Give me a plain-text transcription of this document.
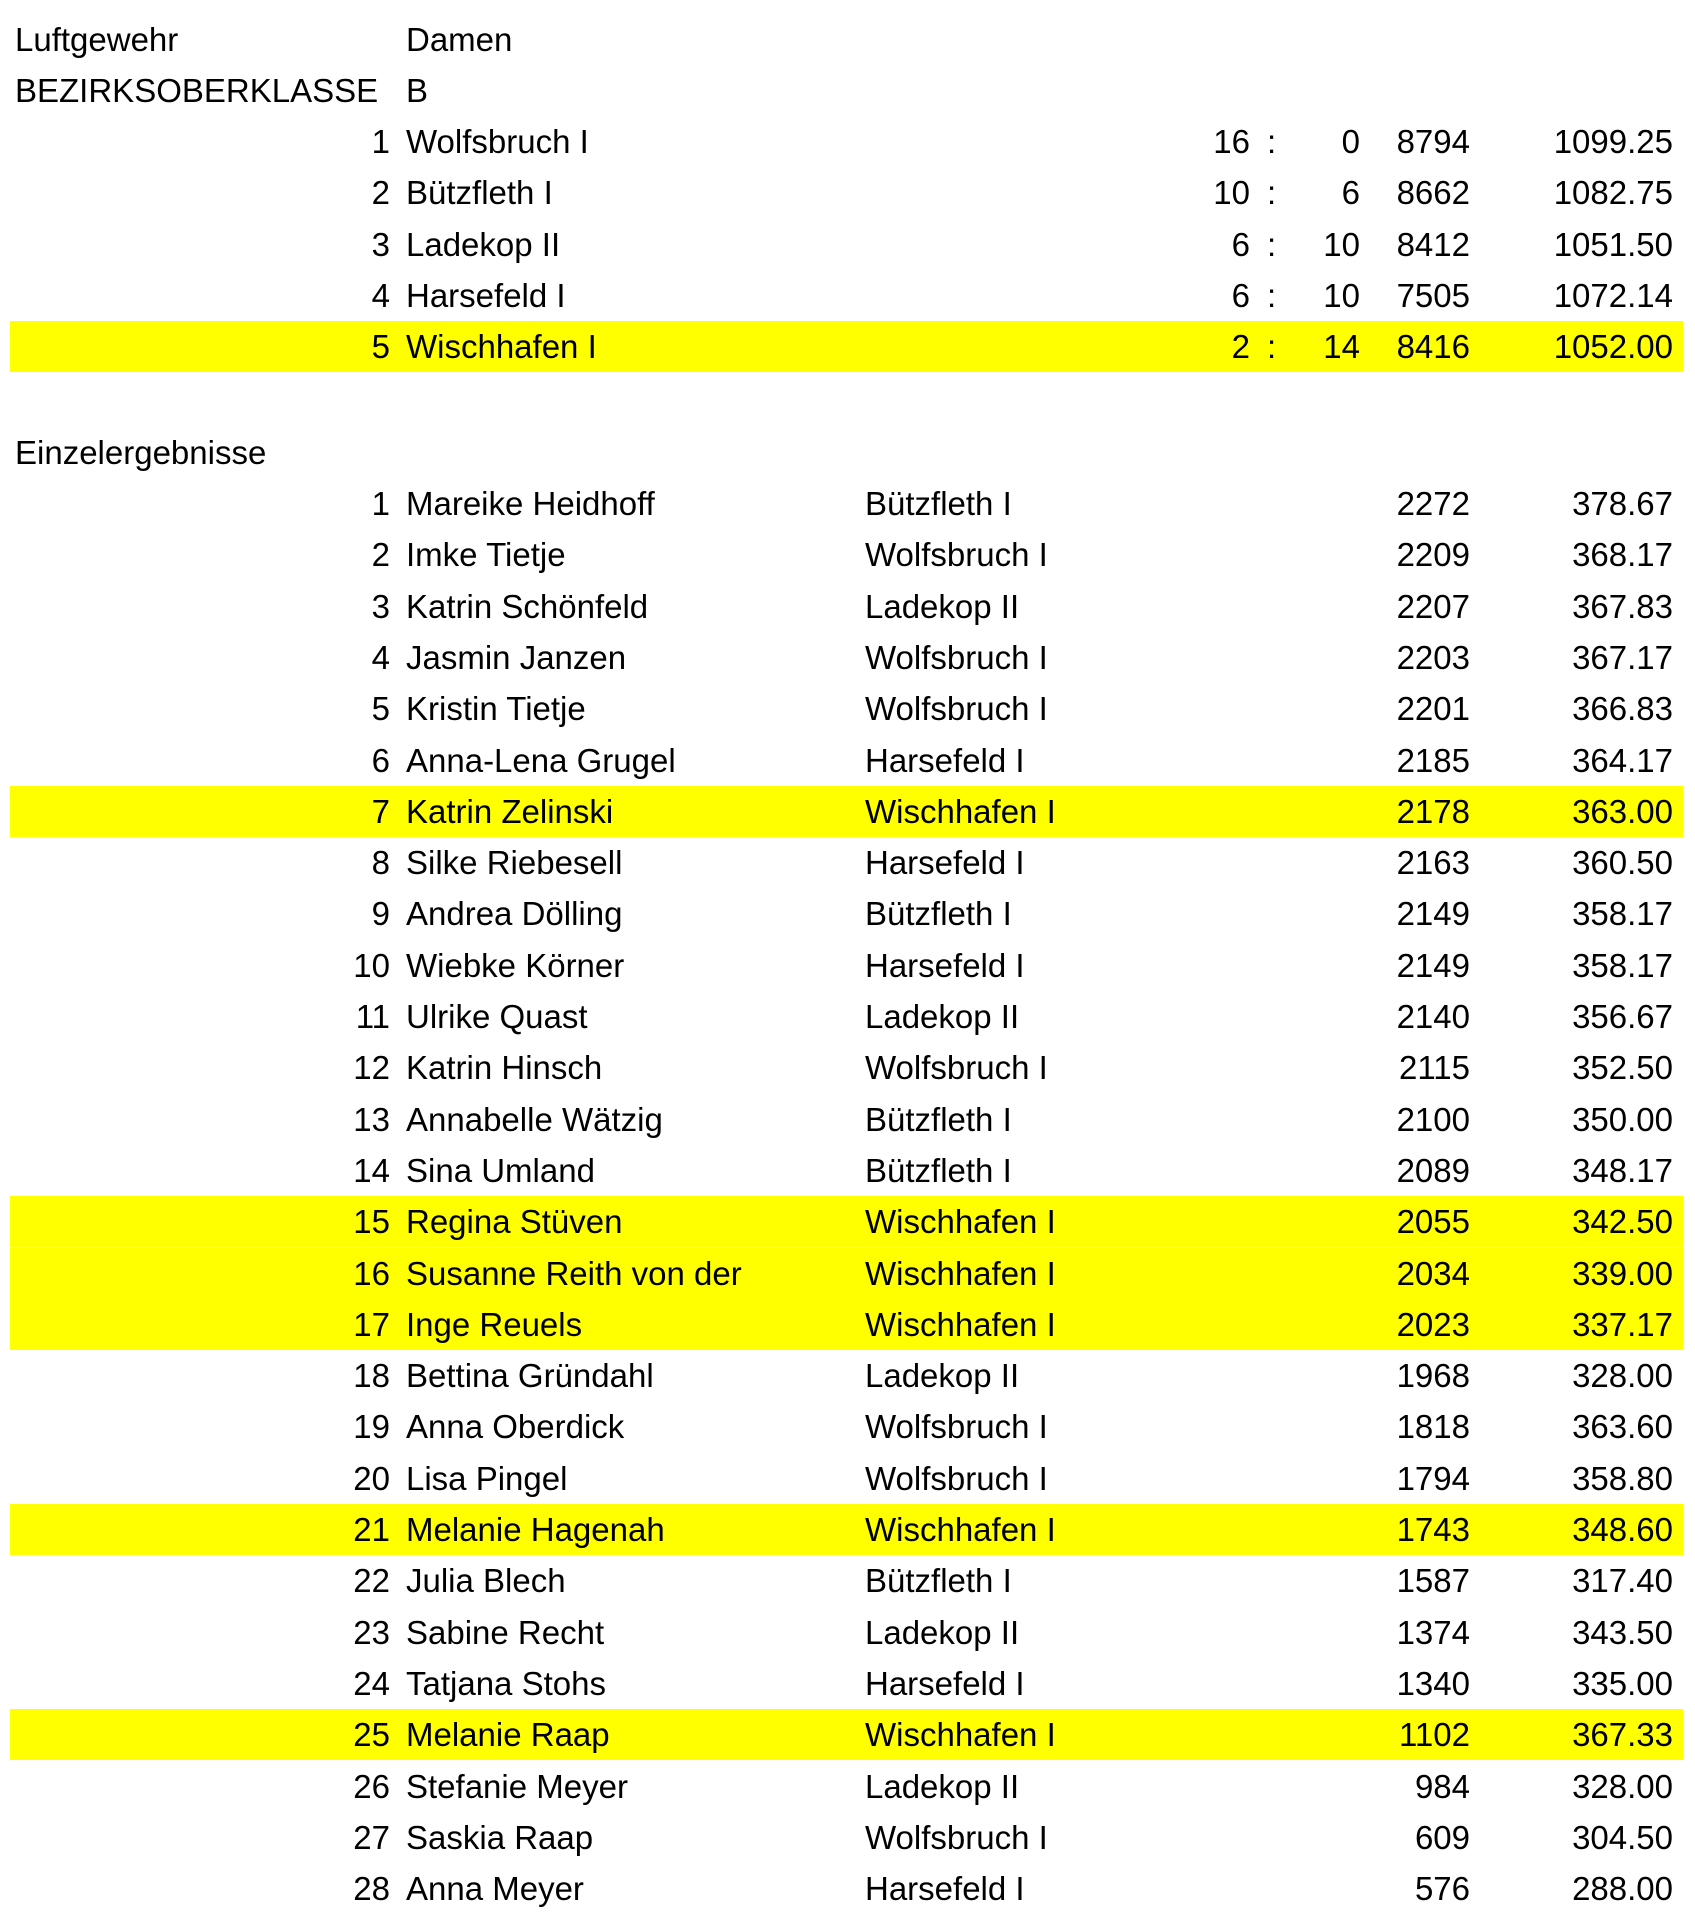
Luftgewehr	Damen
BEZIRKSOBERKLASSE B
1 Wolfsbruch I	16 :	0	8794	1099.25
2 Bützfleth I	10 :	6	8662	1082.75
3 Ladekop II	6 :	10	8412	1051.50
4 Harsefeld I	6 :	10	7505	1072.14
5 Wischhafen I	2 :	14	8416	1052.00
Einzelergebnisse
1 Mareike Heidhoff	Bützfleth I	2272	378.67
2 Imke Tietje	Wolfsbruch I	2209	368.17
3 Katrin Schönfeld	Ladekop II	2207	367.83
4 Jasmin Janzen	Wolfsbruch I	2203	367.17
5 Kristin Tietje	Wolfsbruch I	2201	366.83
6 Anna-Lena Grugel	Harsefeld I	2185	364.17
7 Katrin Zelinski	Wischhafen I	2178	363.00
8 Silke Riebesell	Harsefeld I	2163	360.50
9 Andrea Dölling	Bützfleth I	2149	358.17
10 Wiebke Körner	Harsefeld I	2149	358.17
11 Ulrike Quast	Ladekop II	2140	356.67
12 Katrin Hinsch	Wolfsbruch I	2115	352.50
13 Annabelle Wätzig	Bützfleth I	2100	350.00
14 Sina Umland	Bützfleth I	2089	348.17
15 Regina Stüven	Wischhafen I	2055	342.50
16 Susanne Reith von der	Wischhafen I	2034	339.00
17 Inge Reuels	Wischhafen I	2023	337.17
18 Bettina Gründahl	Ladekop II	1968	328.00
19 Anna Oberdick	Wolfsbruch I	1818	363.60
20 Lisa Pingel	Wolfsbruch I	1794	358.80
21 Melanie Hagenah	Wischhafen I	1743	348.60
22 Julia Blech	Bützfleth I	1587	317.40
23 Sabine Recht	Ladekop II	1374	343.50
24 Tatjana Stohs	Harsefeld I	1340	335.00
25 Melanie Raap	Wischhafen I	1102	367.33
26 Stefanie Meyer	Ladekop II	984	328.00
27 Saskia Raap	Wolfsbruch I	609	304.50
28 Anna Meyer	Harsefeld I	576	288.00
